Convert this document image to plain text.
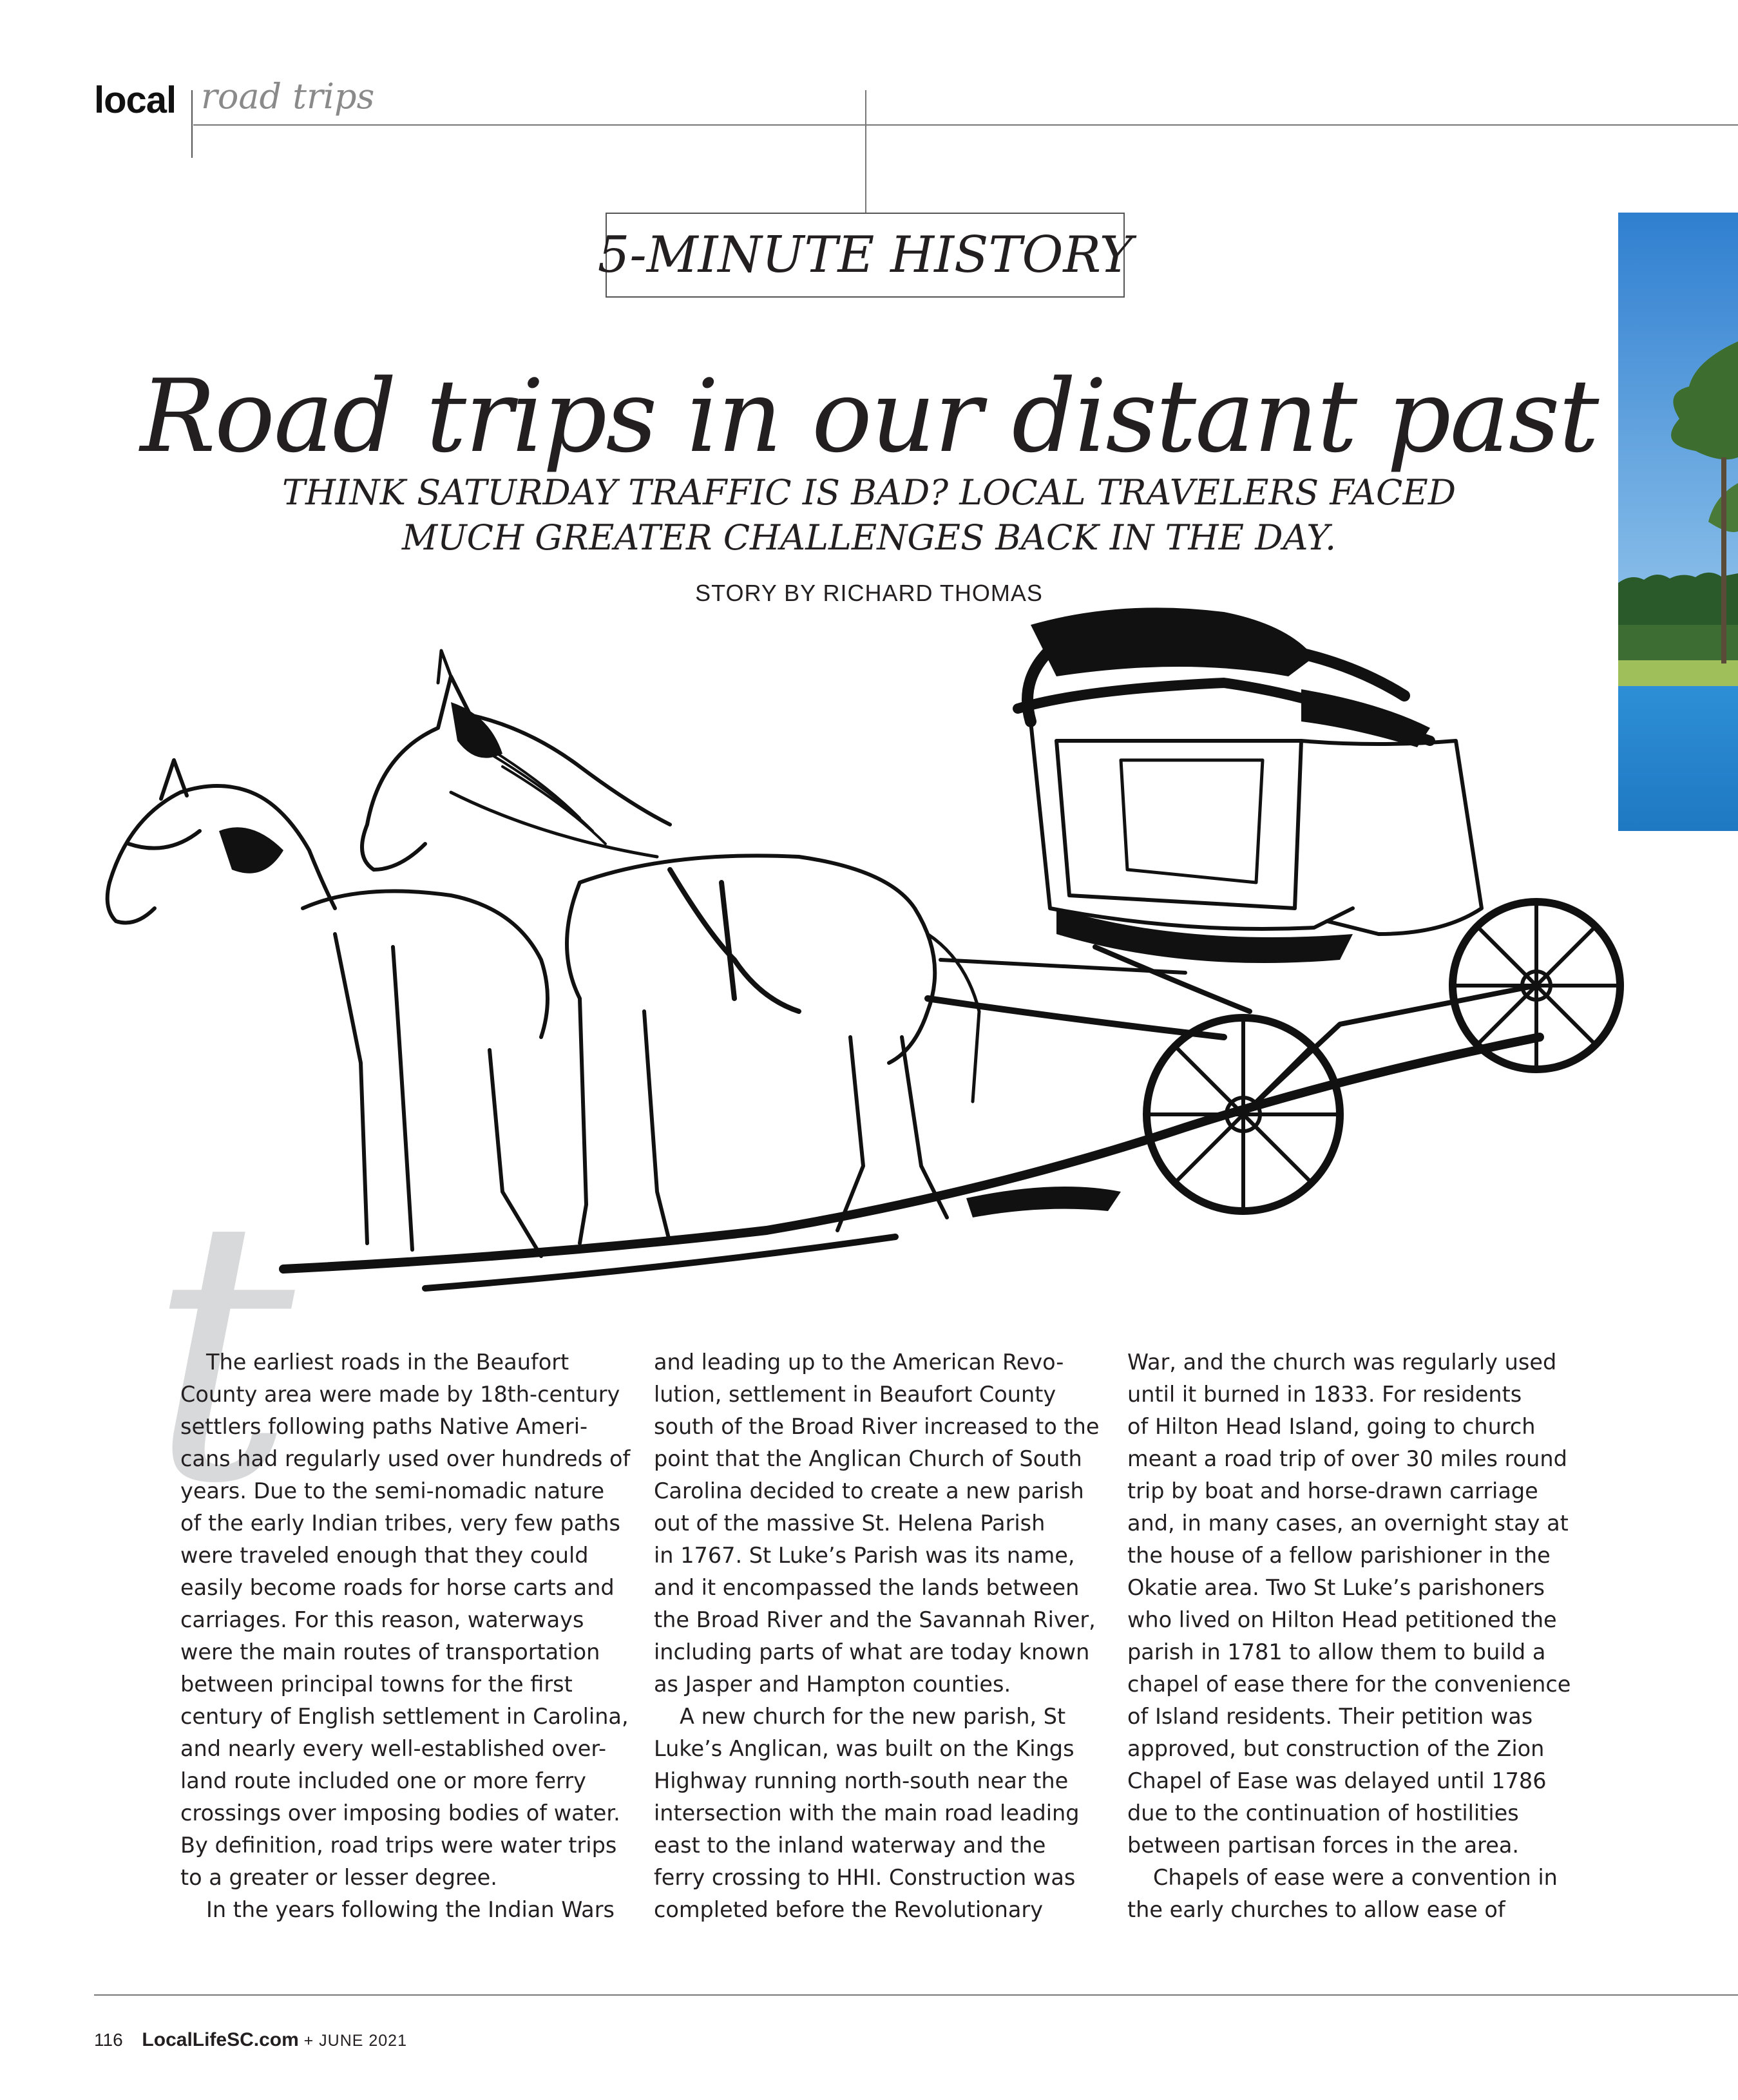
local road trips
5-MINUTE HISTORY
Road trips in our distant past
THINK SATURDAY TRAFFIC IS BAD? LOCAL TRAVELERS FACED
MUCH GREATER CHALLENGES BACK IN THE DAY.
STORY BY RICHARD THOMAS
t

The earliest roads in the Beaufort

County area were made by 18th-century

settlers following paths Native Ameri-

cans had regularly used over hundreds of

years. Due to the semi-nomadic nature

of the early Indian tribes, very few paths

were traveled enough that they could

easily become roads for horse carts and

carriages. For this reason, waterways

were the main routes of transportation

between principal towns for the first

century of English settlement in Carolina,

and nearly every well-established over-

land route included one or more ferry

crossings over imposing bodies of water.

By definition, road trips were water trips

to a greater or lesser degree.

In the years following the Indian Wars

and leading up to the American Revo-

lution, settlement in Beaufort County

south of the Broad River increased to the

point that the Anglican Church of South

Carolina decided to create a new parish

out of the massive St. Helena Parish

in 1767. St Luke’s Parish was its name,

and it encompassed the lands between

the Broad River and the Savannah River,

including parts of what are today known

as Jasper and Hampton counties.

A new church for the new parish, St

Luke’s Anglican, was built on the Kings

Highway running north-south near the

intersection with the main road leading

east to the inland waterway and the

ferry crossing to HHI. Construction was

completed before the Revolutionary

War, and the church was regularly used

until it burned in 1833. For residents

of Hilton Head Island, going to church

meant a road trip of over 30 miles round

trip by boat and horse-drawn carriage

and, in many cases, an overnight stay at

the house of a fellow parishioner in the

Okatie area. Two St Luke’s parishoners

who lived on Hilton Head petitioned the

parish in 1781 to allow them to build a

chapel of ease there for the convenience

of Island residents. Their petition was

approved, but construction of the Zion

Chapel of Ease was delayed until 1786

due to the continuation of hostilities

between partisan forces in the area.

Chapels of ease were a convention in

the early churches to allow ease of

116 LocalLifeSC.com + JUNE 2021
